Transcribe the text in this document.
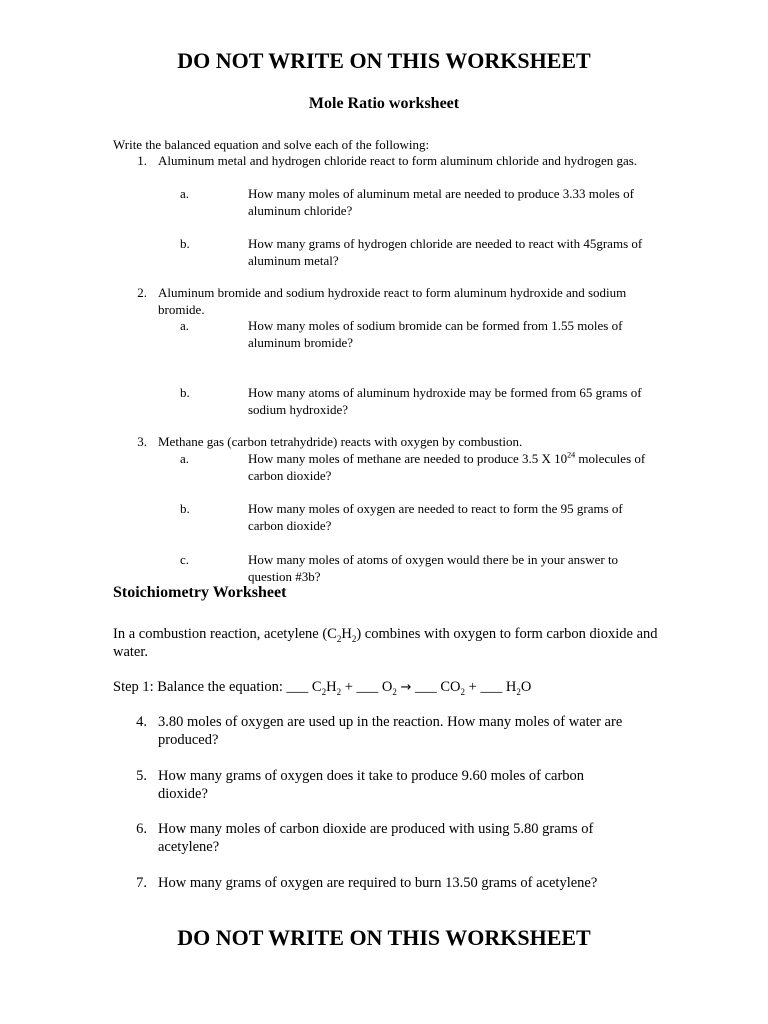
DO NOT WRITE ON THIS WORKSHEET
Mole Ratio worksheet
Write the balanced equation and solve each of the following:
1. Aluminum metal and hydrogen chloride react to form aluminum chloride and hydrogen gas.
a.	How many moles of aluminum metal are needed to produce 3.33 moles of aluminum chloride?
b.	How many grams of hydrogen chloride are needed to react with 45grams of aluminum metal?
2. Aluminum bromide and sodium hydroxide react to form aluminum hydroxide and sodium bromide.
a.	How many moles of sodium bromide can be formed from 1.55 moles of aluminum bromide?
b.	How many atoms of aluminum hydroxide may be formed from 65 grams of sodium hydroxide?
3. Methane gas (carbon tetrahydride) reacts with oxygen by combustion.
a.	How many moles of methane are needed to produce 3.5 X $10^{24}$ molecules of carbon dioxide?
b.	How many moles of oxygen are needed to react to form the 95 grams of carbon dioxide?
c.	How many moles of atoms of oxygen would there be in your answer to question #3b?
Stoichiometry Worksheet
In a combustion reaction, acetylene $(C_2H_2)$ combines with oxygen to form carbon dioxide and water.
Step 1: Balance the equation: ___ $C_2H_2$ + ___ $O_2$ → ___ $CO_2$ + ___ $H_2O$
4. 3.80 moles of oxygen are used up in the reaction. How many moles of water are produced?
5. How many grams of oxygen does it take to produce 9.60 moles of carbon dioxide?
6. How many moles of carbon dioxide are produced with using 5.80 grams of acetylene?
7. How many grams of oxygen are required to burn 13.50 grams of acetylene?
DO NOT WRITE ON THIS WORKSHEET
